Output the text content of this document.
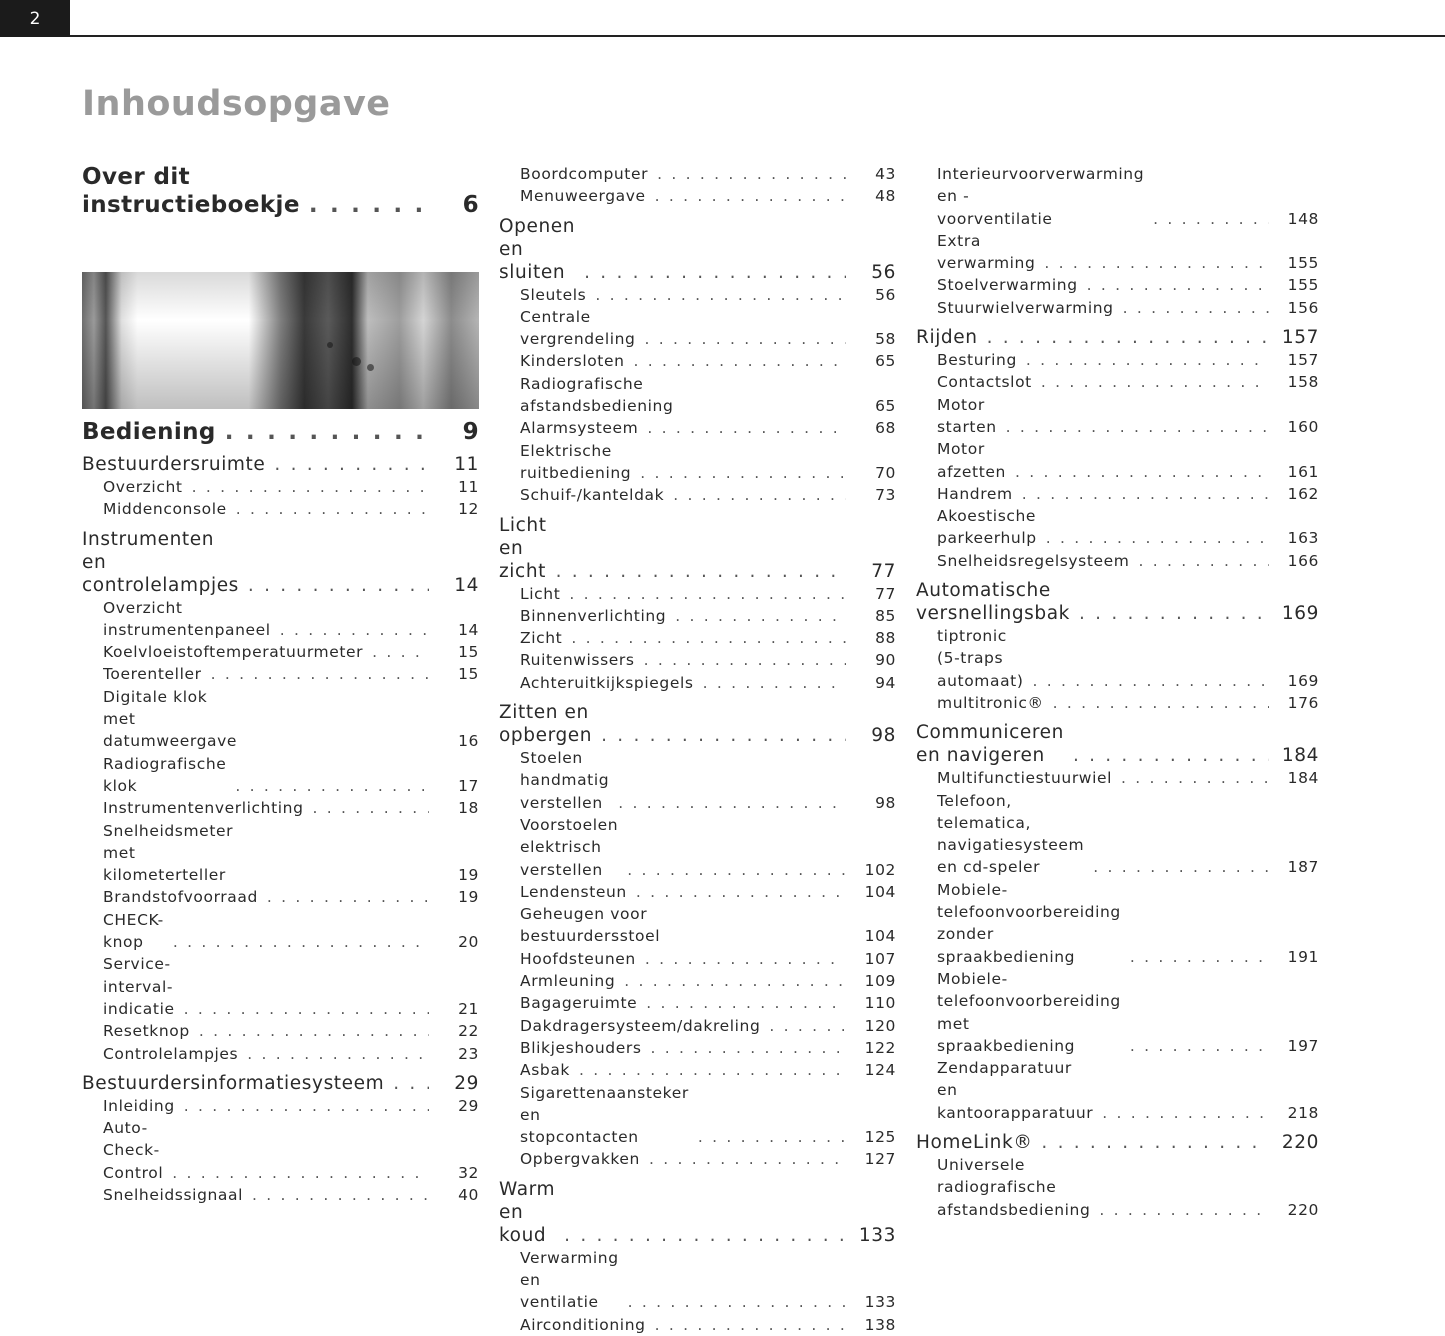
2
Inhoudsopgave
Over dit
instructieboekje . . .	6
Bediening . . .	9
Bestuurdersruimte . . .	11
Overzicht . . .	11
Middenconsole . . .	12
Instrumenten en
controlelampjes . . .	14
Overzicht instrumentenpaneel . . .	14
Koelvloeistoftemperatuurmeter . . .	15
Toerenteller . . .	15
Digitale klok met datumweergave	16
Radiografische klok . . .	17
Instrumentenverlichting . . .	18
Snelheidsmeter met kilometerteller	19
Brandstofvoorraad . . .	19
CHECK-knop . . .	20
Service-interval-indicatie . . .	21
Resetknop . . .	22
Controlelampjes . . .	23
Bestuurdersinformatiesysteem . . .	29
Inleiding . . .	29
Auto-Check-Control . . .	32
Snelheidssignaal . . .	40
Boordcomputer . . .	43
Menuweergave . . .	48
Openen en sluiten . . .	56
Sleutels . . .	56
Centrale vergrendeling . . .	58
Kindersloten . . .	65
Radiografische afstandsbediening	65
Alarmsysteem . . .	68
Elektrische ruitbediening . . .	70
Schuif-/kanteldak . . .	73
Licht en zicht . . .	77
Licht . . .	77
Binnenverlichting . . .	85
Zicht . . .	88
Ruitenwissers . . .	90
Achteruitkijkspiegels . . .	94
Zitten en opbergen . . .	98
Stoelen handmatig verstellen . . .	98
Voorstoelen elektrisch verstellen . . .	102
Lendensteun . . .	104
Geheugen voor bestuurdersstoel	104
Hoofdsteunen . . .	107
Armleuning . . .	109
Bagageruimte . . .	110
Dakdragersysteem/dakreling . . .	120
Blikjeshouders . . .	122
Asbak . . .	124
Sigarettenaansteker en
stopcontacten . . .	125
Opbergvakken . . .	127
Warm en koud . . .	133
Verwarming en ventilatie . . .	133
Airconditioning . . .	138
Interieurvoorverwarming en -
voorventilatie . . .	148
Extra verwarming . . .	155
Stoelverwarming . . .	155
Stuurwielverwarming . . .	156
Rijden . . .	157
Besturing . . .	157
Contactslot . . .	158
Motor starten . . .	160
Motor afzetten . . .	161
Handrem . . .	162
Akoestische parkeerhulp . . .	163
Snelheidsregelsysteem . . .	166
Automatische versnellingsbak . . .	169
tiptronic (5-traps automaat) . . .	169
multitronic® . . .	176
Communiceren en navigeren . . .	184
Multifunctiestuurwiel . . .	184
Telefoon, telematica,
navigatiesysteem en cd-speler . . .	187
Mobiele-telefoonvoorbereiding
zonder spraakbediening . . .	191
Mobiele-telefoonvoorbereiding met
spraakbediening . . .	197
Zendapparatuur en
kantoorapparatuur . . .	218
HomeLink® . . .	220
Universele radiografische
afstandsbediening . . .	220
